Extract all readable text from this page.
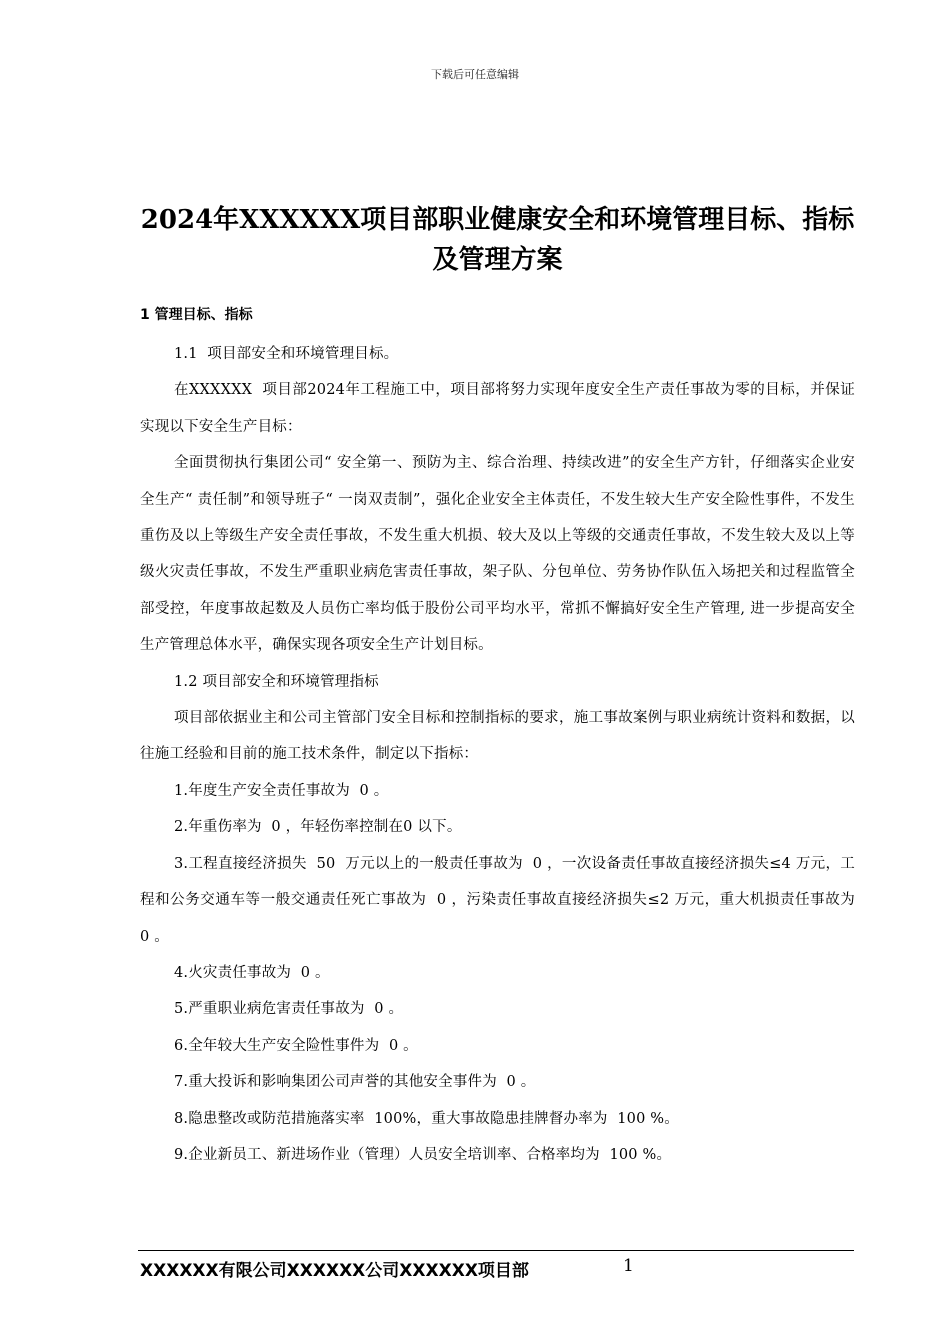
下载后可任意编辑
2024年XXXXXX项目部职业健康安全和环境管理目标、指标及管理方案
1 管理目标、指标

1.1  项目部安全和环境管理目标。

在XXXXXX  项目部2024年工程施工中，项目部将努力实现年度安全生产责任事故为零的目标，并保证实现以下安全生产目标：

全面贯彻执行集团公司“ 安全第一、预防为主、综合治理、持续改进”的安全生产方针，仔细落实企业安全生产“ 责任制”和领导班子“ 一岗双责制”，强化企业安全主体责任，不发生较大生产安全险性事件，不发生重伤及以上等级生产安全责任事故，不发生重大机损、较大及以上等级的交通责任事故，不发生较大及以上等级火灾责任事故，不发生严重职业病危害责任事故，架子队、分包单位、劳务协作队伍入场把关和过程监管全部受控，年度事故起数及人员伤亡率均低于股份公司平均水平，常抓不懈搞好安全生产管理, 进一步提高安全生产管理总体水平，确保实现各项安全生产计划目标。

1.2 项目部安全和环境管理指标

项目部依据业主和公司主管部门安全目标和控制指标的要求，施工事故案例与职业病统计资料和数据，以往施工经验和目前的施工技术条件，制定以下指标：

1.年度生产安全责任事故为  0 。

2.年重伤率为  0 ，年轻伤率控制在0 以下。

3.工程直接经济损失  50  万元以上的一般责任事故为  0 ，一次设备责任事故直接经济损失≤4 万元，工程和公务交通车等一般交通责任死亡事故为  0 ，污染责任事故直接经济损失≤2 万元，重大机损责任事故为  0 。

4.火灾责任事故为  0 。

5.严重职业病危害责任事故为  0 。

6.全年较大生产安全险性事件为  0 。

7.重大投诉和影响集团公司声誉的其他安全事件为  0 。

8.隐患整改或防范措施落实率  100%，重大事故隐患挂牌督办率为  100 %。

9.企业新员工、新进场作业（管理）人员安全培训率、合格率均为  100 %。

XXXXXX有限公司XXXXXX公司XXXXXX项目部	1
